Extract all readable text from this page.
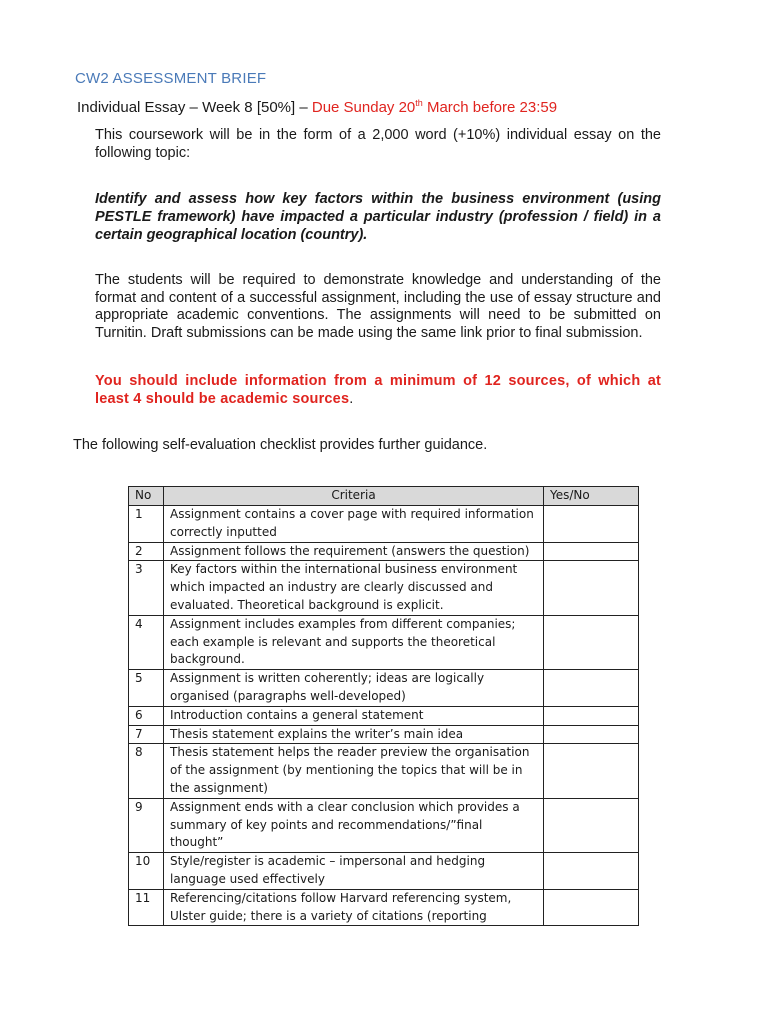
CW2 ASSESSMENT BRIEF
Individual Essay – Week 8 [50%] – Due Sunday 20th March before 23:59
This coursework will be in the form of a 2,000 word (+10%) individual essay on the following topic:
Identify and assess how key factors within the business environment (using PESTLE framework) have impacted a particular industry (profession / field) in a certain geographical location (country).
The students will be required to demonstrate knowledge and understanding of the format and content of a successful assignment, including the use of essay structure and appropriate academic conventions. The assignments will need to be submitted on Turnitin. Draft submissions can be made using the same link prior to final submission.
You should include information from a minimum of 12 sources, of which at least 4 should be academic sources.
The following self-evaluation checklist provides further guidance.
No	Criteria	Yes/No
1	Assignment contains a cover page with required information correctly inputted	
2	Assignment follows the requirement (answers the question)	
3	Key factors within the international business environment which impacted an industry are clearly discussed and evaluated. Theoretical background is explicit.	
4	Assignment includes examples from different companies; each example is relevant and supports the theoretical background.	
5	Assignment is written coherently; ideas are logically organised (paragraphs well-developed)	
6	Introduction contains a general statement	
7	Thesis statement explains the writer’s main idea	
8	Thesis statement helps the reader preview the organisation of the assignment (by mentioning the topics that will be in the assignment)	
9	Assignment ends with a clear conclusion which provides a summary of key points and recommendations/”final thought”	
10	Style/register is academic – impersonal and hedging language used effectively	
11	Referencing/citations follow Harvard referencing system, Ulster guide; there is a variety of citations (reporting	
